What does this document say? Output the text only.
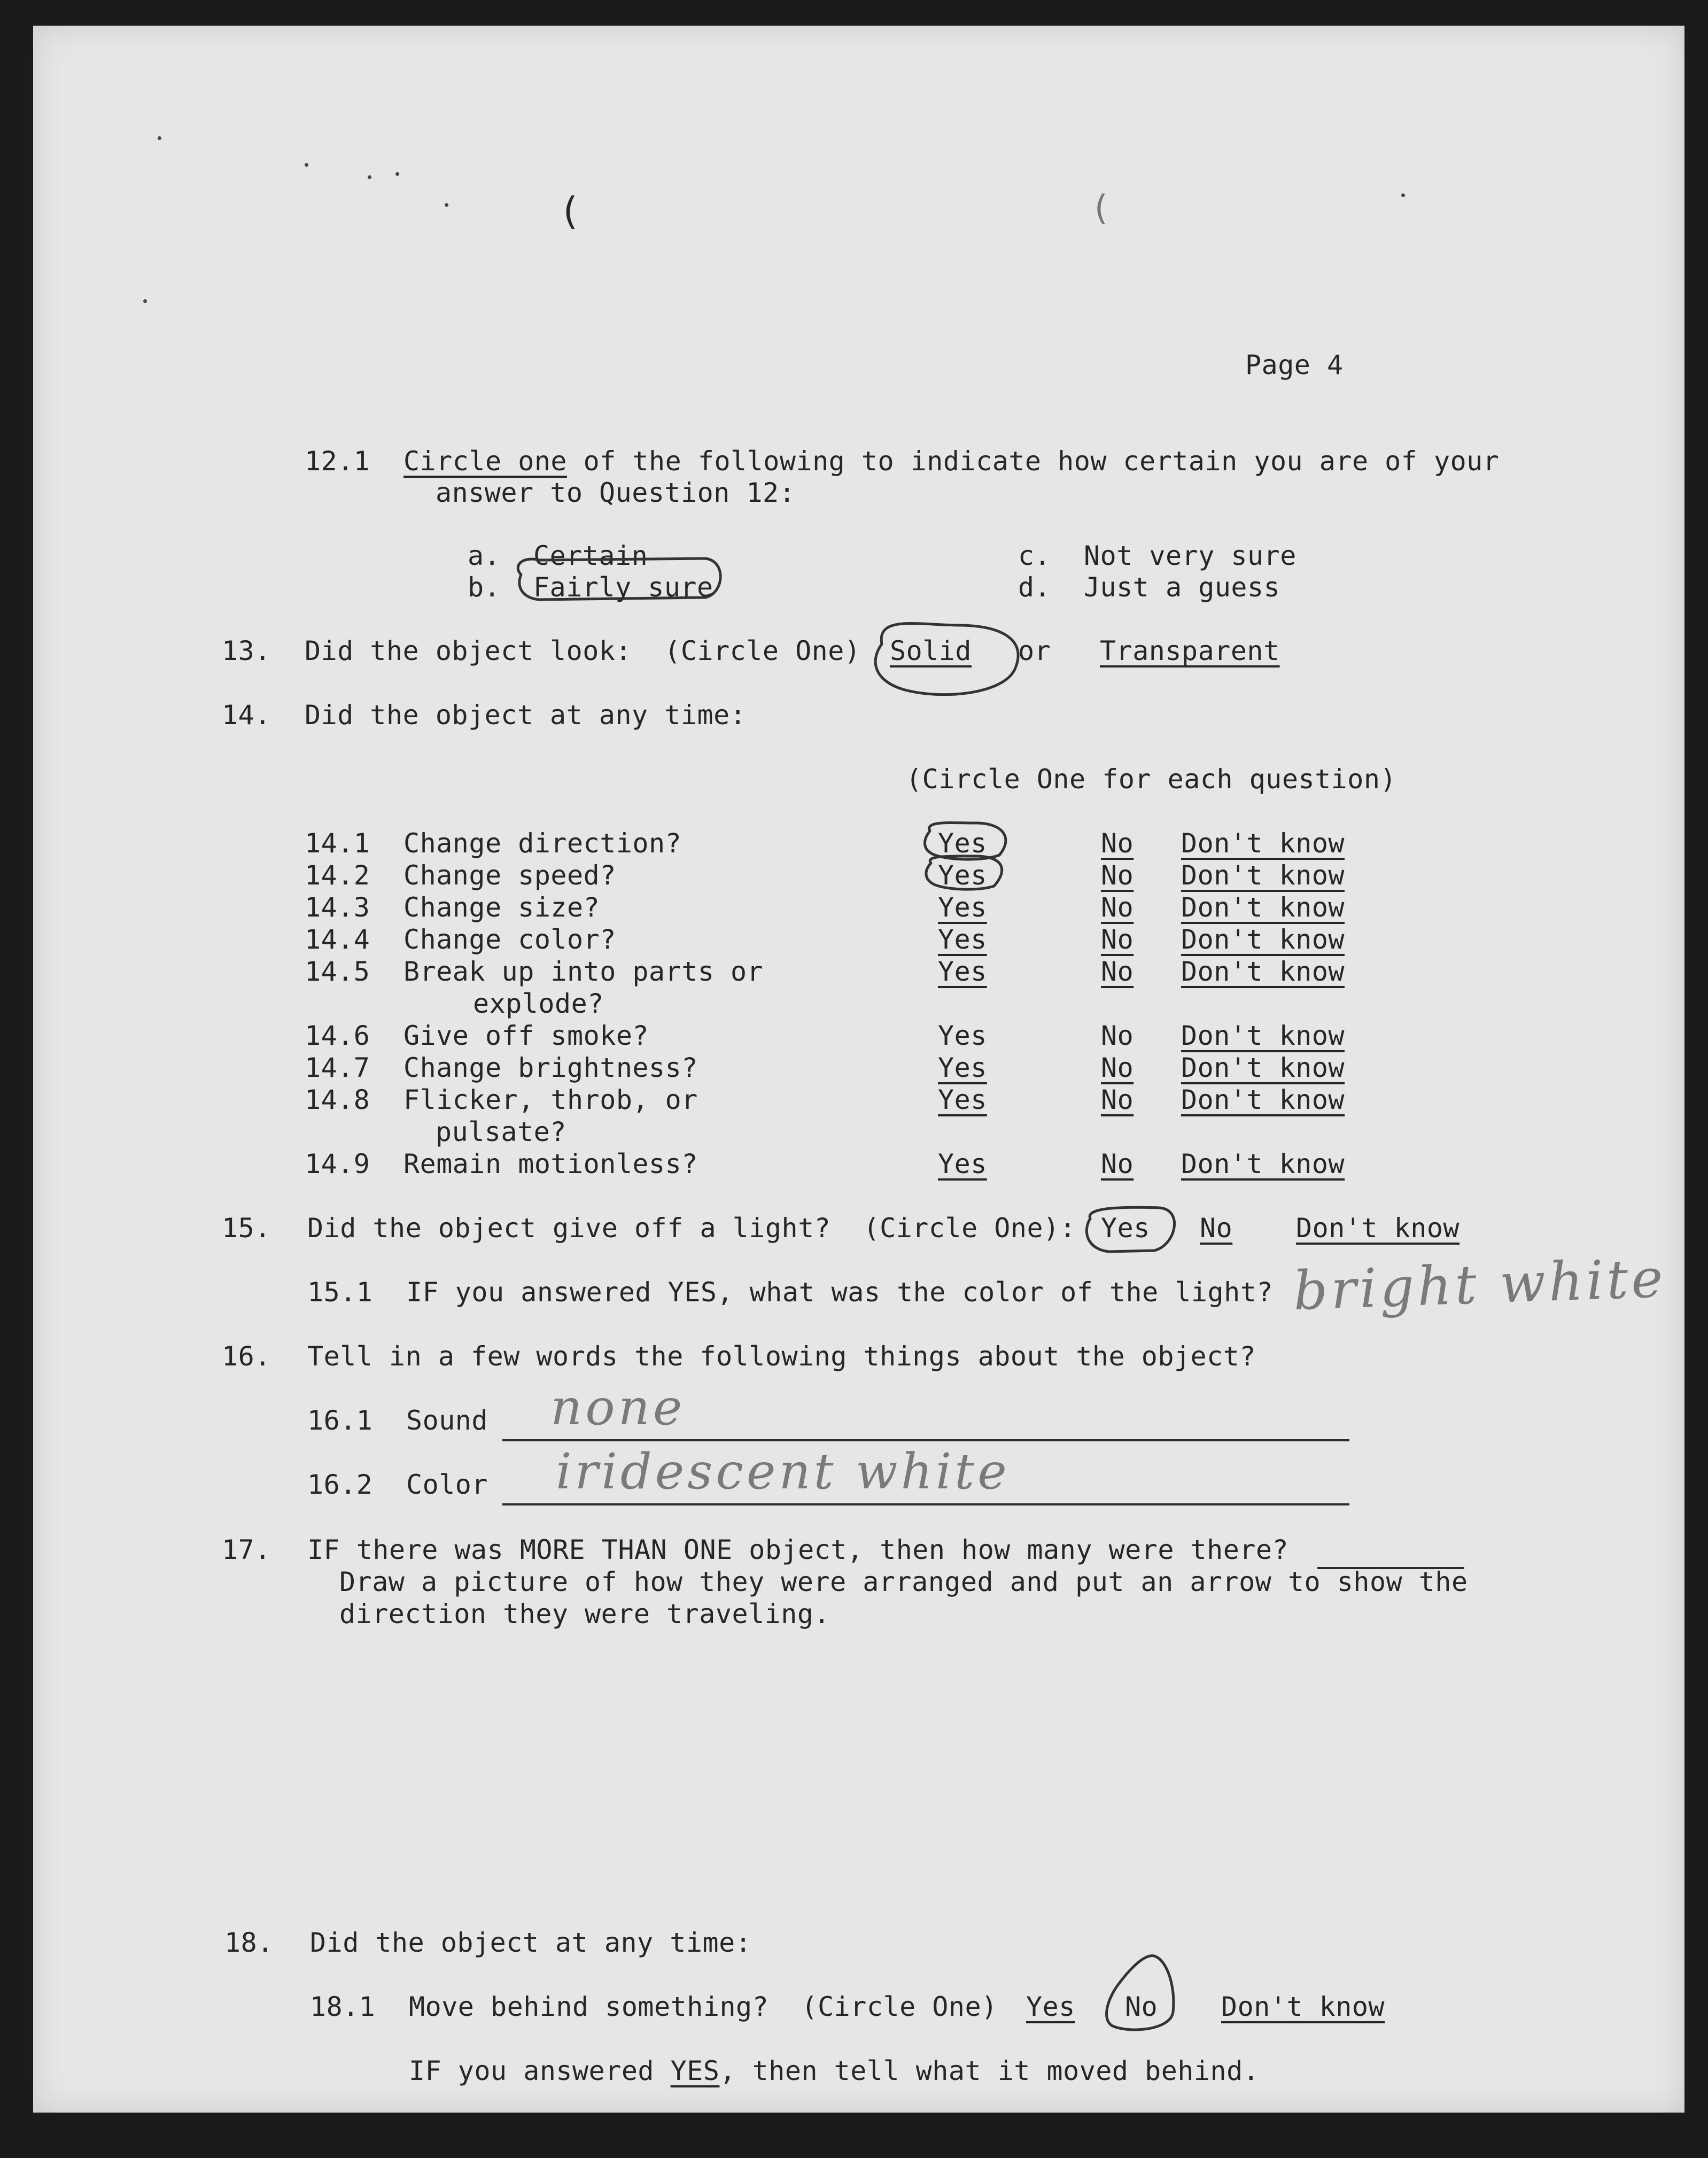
(	(
Page 4
12.1 Circle one of the following to indicate how certain you are of your
answer to Question 12:
a. Certain
b. Fairly sure
c. Not very sure
d. Just a guess
13. Did the object look:  (Circle One) Solid or Transparent
14. Did the object at any time:
(Circle One for each question)
14.1 Change direction?	Yes	No Don't know
14.2 Change speed?	Yes	No Don't know
14.3 Change size?	Yes	No Don't know
14.4 Change color?	Yes	No Don't know
14.5 Break up into parts or
explode?
Yes	No Don't know
14.6 Give off smoke?	Yes	No Don't know
14.7 Change brightness?	Yes	No Don't know
14.8 Flicker, throb, or
pulsate?
Yes	No Don't know
14.9 Remain motionless?	Yes	No Don't know
15. Did the object give off a light?  (Circle One): Yes No Don't know
15.1 IF you answered YES, what was the color of the light? bright white
16. Tell in a few words the following things about the object?
16.1 Sound none
16.2 Color iridescent white
17. IF there was MORE THAN ONE object, then how many were there?
Draw a picture of how they were arranged and put an arrow to show the
direction they were traveling.
18. Did the object at any time:
18.1 Move behind something?  (Circle One) Yes No Don't know
IF you answered YES, then tell what it moved behind.
